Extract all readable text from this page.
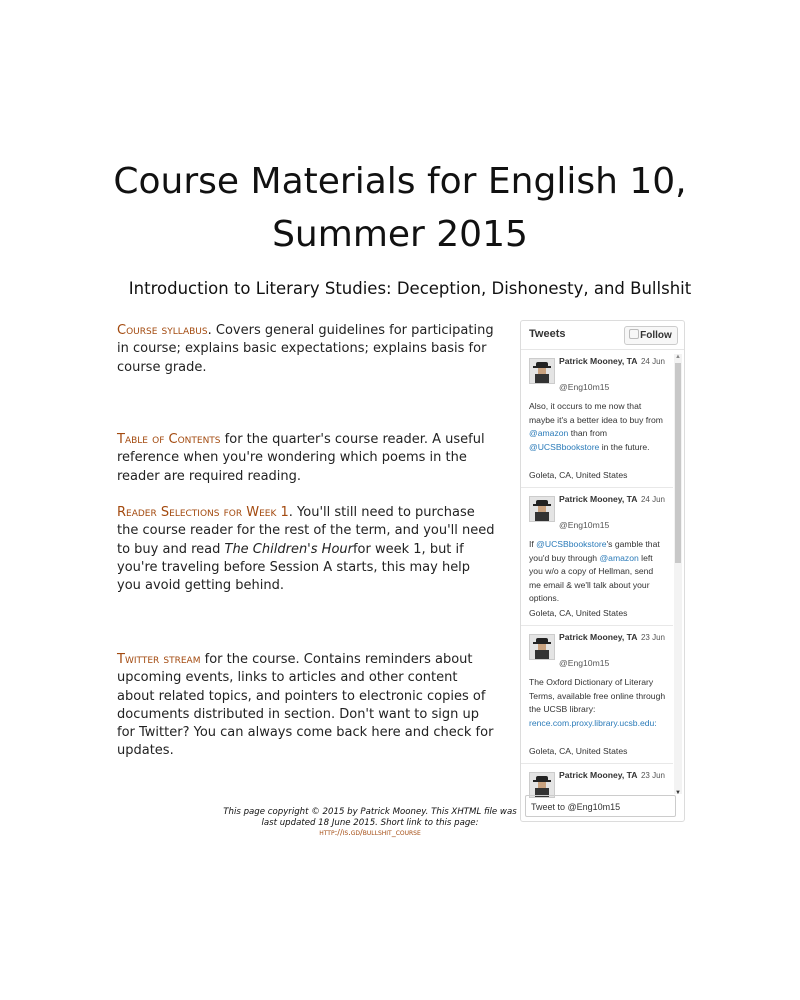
Course Materials for English 10, Summer 2015
Introduction to Literary Studies: Deception, Dishonesty, and Bullshit

Course syllabus. Covers general guidelines for participating in course; explains basic expectations; explains basis for course grade.

Table of Contents for the quarter's course reader. A useful reference when you're wondering which poems in the reader are required reading.

Reader Selections for Week 1. You'll still need to purchase the course reader for the rest of the term, and you'll need to buy and read The Children's Hourfor week 1, but if you're traveling before Session A starts, this may help you avoid getting behind.

Twitter stream for the course. Contains reminders about upcoming events, links to articles and other content about related topics, and pointers to electronic copies of documents distributed in section. Don't want to sign up for Twitter? You can always come back here and check for updates.

This page copyright © 2015 by Patrick Mooney. This XHTML file was last updated 18 June 2015. Short link to this page:
http://is.gd/bullshit_course
Tweets	Follow
Patrick Mooney, TA 24 Jun
@Eng10m15
Also, it occurs to me now that maybe it's a better idea to buy from @amazon than from @UCSBbookstore in the future.
Goleta, CA, United States
Patrick Mooney, TA 24 Jun
@Eng10m15
If @UCSBbookstore's gamble that you'd buy through @amazon left you w/o a copy of Hellman, send me email & we'll talk about your options.
Goleta, CA, United States
Patrick Mooney, TA 23 Jun
@Eng10m15
The Oxford Dictionary of Literary Terms, available free online through the UCSB library: rence.com.proxy.library.ucsb.edu:
Goleta, CA, United States
Patrick Mooney, TA 23 Jun
▲
▼
Tweet to @Eng10m15
